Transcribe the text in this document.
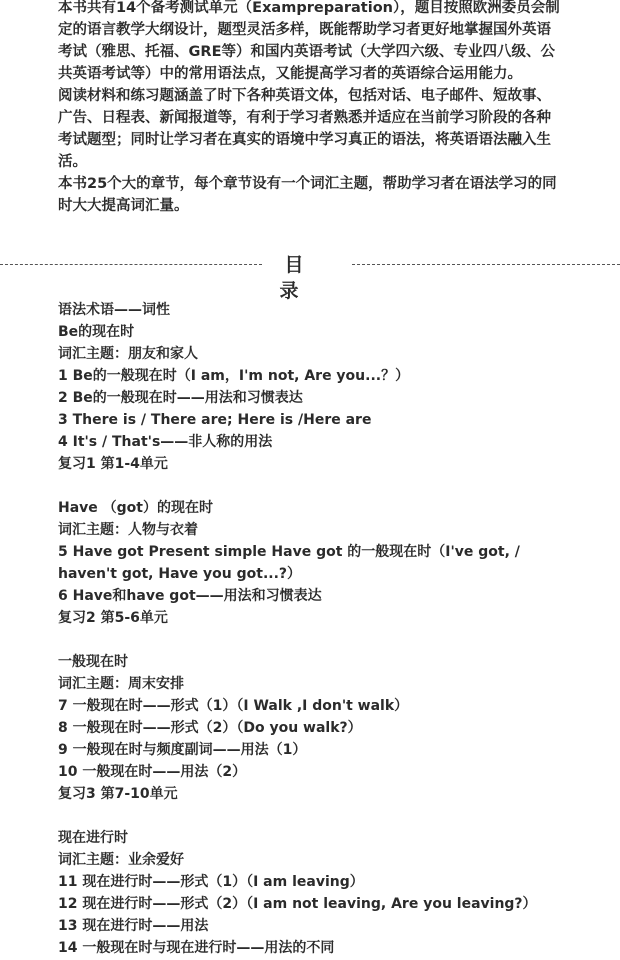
本书共有14个备考测试单元（Exampreparation），题目按照欧洲委员会制定的语言教学大纲设计，题型灵活多样，既能帮助学习者更好地掌握国外英语考试（雅思、托福、GRE等）和国内英语考试（大学四六级、专业四八级、公共英语考试等）中的常用语法点，又能提高学习者的英语综合运用能力。

阅读材料和练习题涵盖了时下各种英语文体，包括对话、电子邮件、短故事、广告、日程表、新闻报道等，有利于学习者熟悉并适应在当前学习阶段的各种考试题型；同时让学习者在真实的语境中学习真正的语法，将英语语法融入生活。

本书25个大的章节，每个章节设有一个词汇主题，帮助学习者在语法学习的同时大大提高词汇量。

目录

语法术语——词性

Be的现在时

词汇主题：朋友和家人

1 Be的一般现在时（I am，I'm not, Are you...？）

2 Be的一般现在时——用法和习惯表达

3 There is / There are; Here is /Here are

4 It's / That's——非人称的用法

复习1 第1-4单元

Have （got）的现在时

词汇主题：人物与衣着

5 Have got Present simple Have got 的一般现在时（I've got, / haven't got, Have you got...?）

6 Have和have got——用法和习惯表达

复习2 第5-6单元

一般现在时

词汇主题：周末安排

7 一般现在时——形式（1）（I Walk ,I don't walk）

8 一般现在时——形式（2）（Do you walk?）

9 一般现在时与频度副词——用法（1）

10 一般现在时——用法（2）

复习3 第7-10单元

现在进行时

词汇主题：业余爱好

11 现在进行时——形式（1）（I am leaving）

12 现在进行时——形式（2）（I am not leaving, Are you leaving?）

13 现在进行时——用法

14 一般现在时与现在进行时——用法的不同
